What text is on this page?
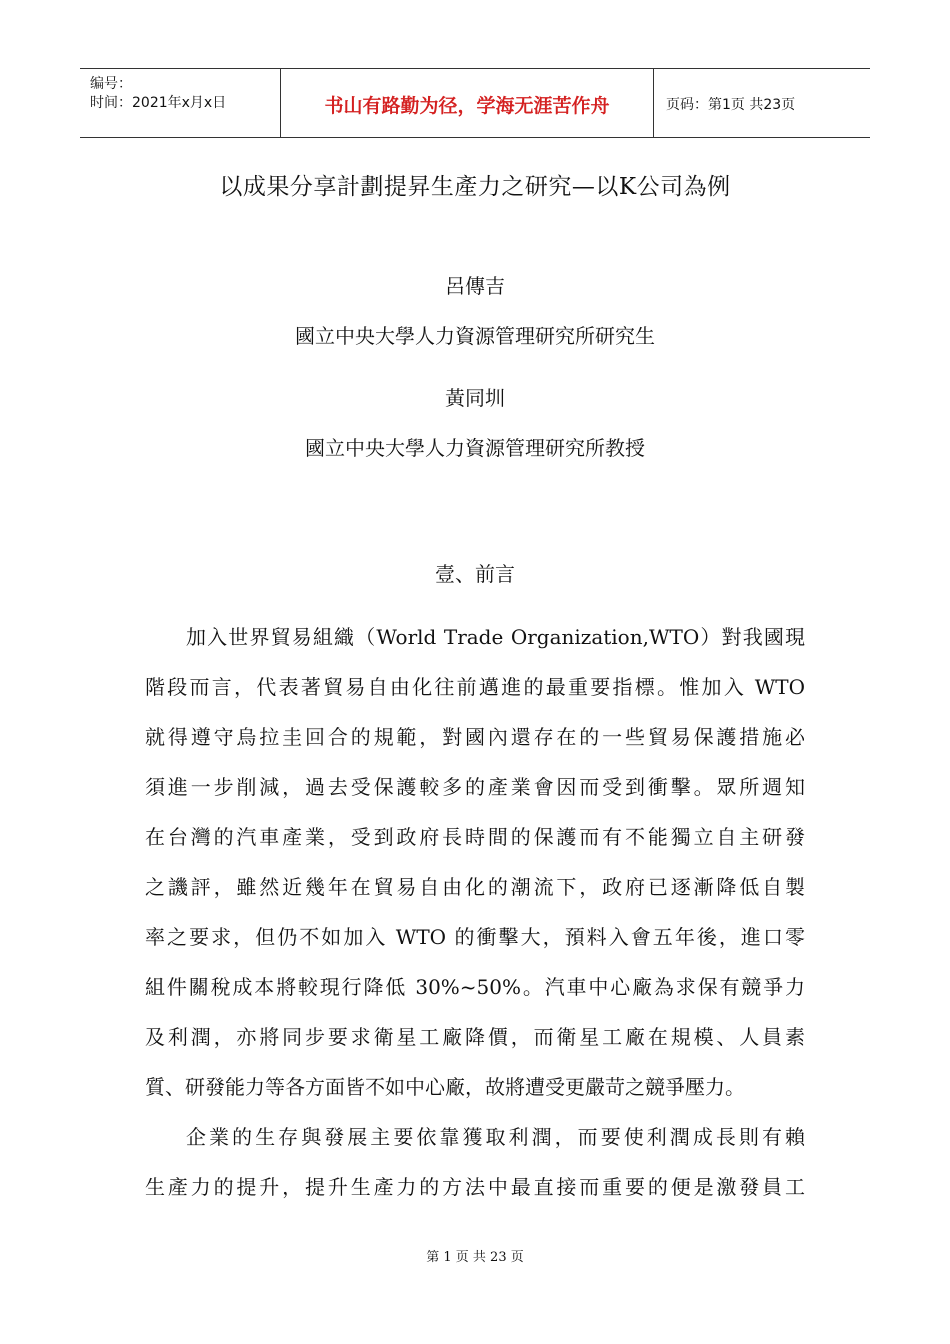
编号：
时间：2021年x月x日	书山有路勤为径，学海无涯苦作舟	页码：第1页 共23页
以成果分享計劃提昇生產力之研究—以K公司為例
呂傳吉
國立中央大學人力資源管理研究所研究生
黃同圳
國立中央大學人力資源管理研究所教授
壹、前言
加入世界貿易組織（World Trade Organization,WTO）對我國現
階段而言，代表著貿易自由化往前邁進的最重要指標。惟加入 WTO
就得遵守烏拉圭回合的規範，對國內還存在的一些貿易保護措施必
須進一步削減，過去受保護較多的產業會因而受到衝擊。眾所週知
在台灣的汽車產業，受到政府長時間的保護而有不能獨立自主研發
之譏評，雖然近幾年在貿易自由化的潮流下，政府已逐漸降低自製
率之要求，但仍不如加入 WTO 的衝擊大，預料入會五年後，進口零
組件關稅成本將較現行降低 30%~50%。汽車中心廠為求保有競爭力
及利潤，亦將同步要求衛星工廠降價，而衛星工廠在規模、人員素
質、研發能力等各方面皆不如中心廠，故將遭受更嚴苛之競爭壓力。
企業的生存與發展主要依靠獲取利潤，而要使利潤成長則有賴
生產力的提升，提升生產力的方法中最直接而重要的便是激發員工
第 1 页 共 23 页
